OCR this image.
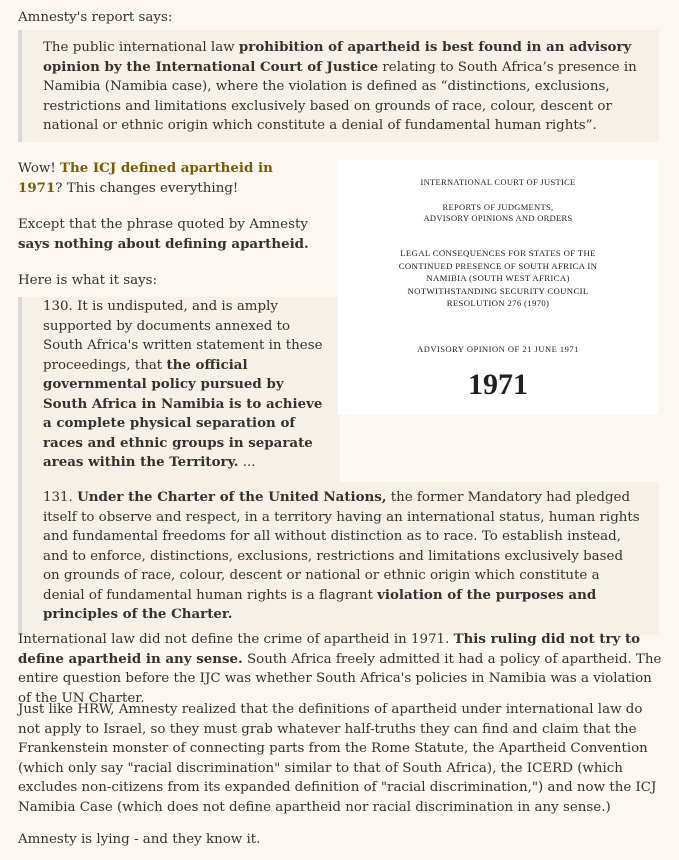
Amnesty's report says:
The public international law prohibition of apartheid is best found in an advisory opinion by the International Court of Justice relating to South Africa’s presence in Namibia (Namibia case), where the violation is defined as “distinctions, exclusions, restrictions and limitations exclusively based on grounds of race, colour, descent or national or ethnic origin which constitute a denial of fundamental human rights”.
Wow! The ICJ defined apartheid in 1971? This changes everything!
Except that the phrase quoted by Amnesty says nothing about defining apartheid.
Here is what it says:
130. It is undisputed, and is amply supported by documents annexed to South Africa's written statement in these proceedings, that the official governmental policy pursued by South Africa in Namibia is to achieve a complete physical separation of races and ethnic groups in separate areas within the Territory. ...
INTERNATIONAL COURT OF JUSTICE
REPORTS OF JUDGMENTS,
ADVISORY OPINIONS AND ORDERS
LEGAL CONSEQUENCES FOR STATES OF THE
CONTINUED PRESENCE OF SOUTH AFRICA IN
NAMIBIA (SOUTH WEST AFRICA)
NOTWITHSTANDING SECURITY COUNCIL
RESOLUTION 276 (1970)
ADVISORY OPINION OF 21 JUNE 1971
1971
131. Under the Charter of the United Nations, the former Mandatory had pledged itself to observe and respect, in a territory having an international status, human rights and fundamental freedoms for all without distinction as to race. To establish instead, and to enforce, distinctions, exclusions, restrictions and limitations exclusively based on grounds of race, colour, descent or national or ethnic origin which constitute a denial of fundamental human rights is a flagrant violation of the purposes and principles of the Charter.
International law did not define the crime of apartheid in 1971. This ruling did not try to define apartheid in any sense. South Africa freely admitted it had a policy of apartheid. The entire question before the IJC was whether South Africa's policies in Namibia was a violation of the UN Charter.
Just like HRW, Amnesty realized that the definitions of apartheid under international law do not apply to Israel, so they must grab whatever half-truths they can find and claim that the Frankenstein monster of connecting parts from the Rome Statute, the Apartheid Convention (which only say "racial discrimination" similar to that of South Africa), the ICERD (which excludes non-citizens from its expanded definition of "racial discrimination,") and now the ICJ Namibia Case (which does not define apartheid nor racial discrimination in any sense.)
Amnesty is lying - and they know it.
